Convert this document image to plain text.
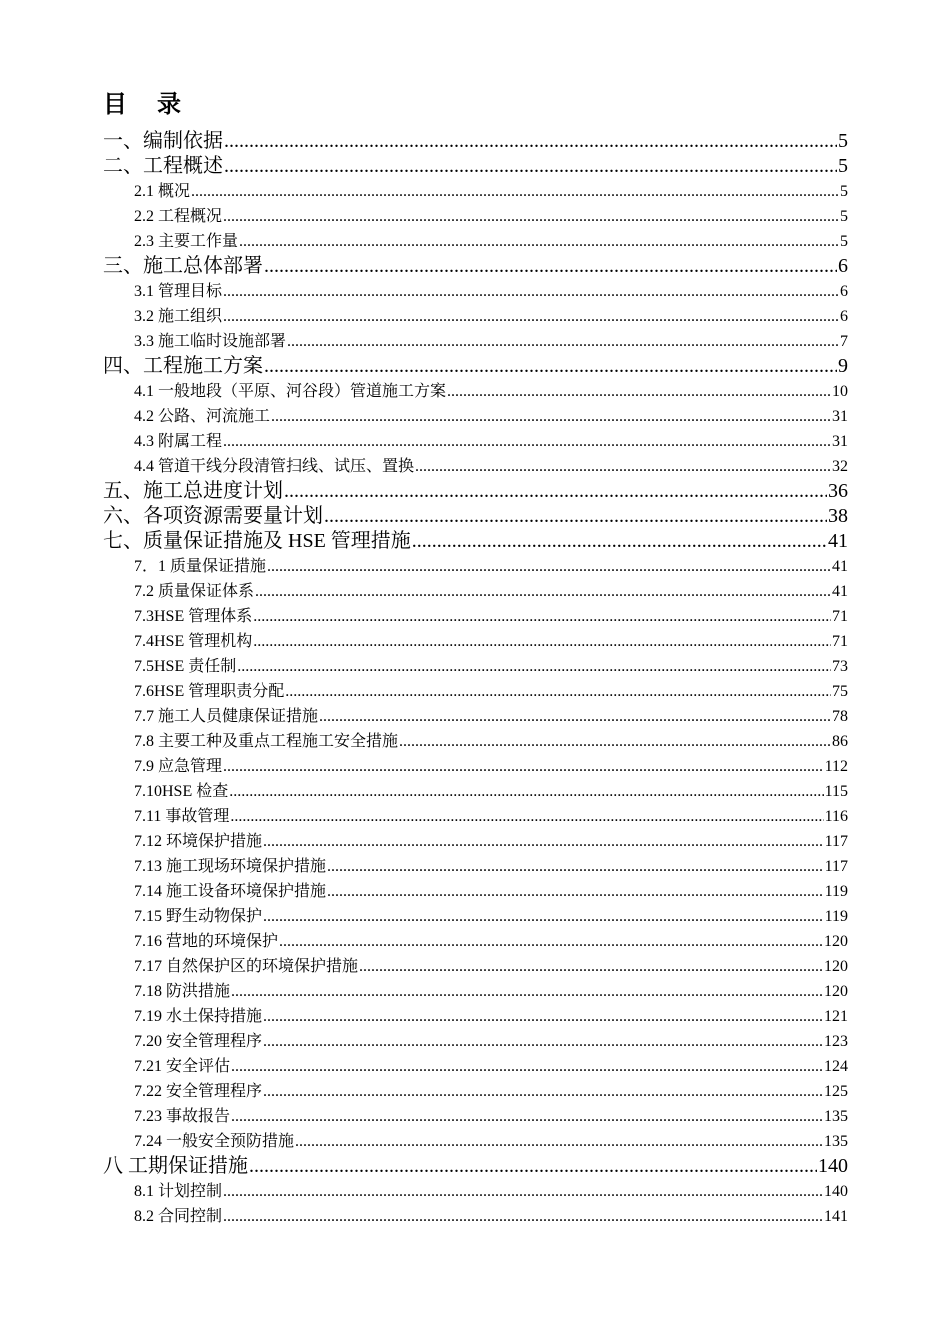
目 录
一、编制依据 .....	5
二、工程概述 .....	5
2.1 概况 .....	5
2.2 工程概况 .....	5
2.3 主要工作量 .....	5
三、施工总体部署 .....	6
3.1 管理目标 .....	6
3.2 施工组织 .....	6
3.3 施工临时设施部署 .....	7
四、工程施工方案 .....	9
4.1 一般地段（平原、河谷段）管道施工方案 .....	10
4.2 公路、河流施工 .....	31
4.3 附属工程 .....	31
4.4 管道干线分段清管扫线、试压、置换 .....	32
五、施工总进度计划 .....	36
六、各项资源需要量计划 .....	38
七、质量保证措施及 HSE 管理措施 .....	41
7．1 质量保证措施 .....	41
7.2 质量保证体系 .....	41
7.3HSE 管理体系 .....	71
7.4HSE 管理机构 .....	71
7.5HSE 责任制 .....	73
7.6HSE 管理职责分配 .....	75
7.7 施工人员健康保证措施 .....	78
7.8 主要工种及重点工程施工安全措施 .....	86
7.9 应急管理 .....	112
7.10HSE 检查 .....	115
7.11 事故管理 .....	116
7.12 环境保护措施 .....	117
7.13 施工现场环境保护措施 .....	117
7.14 施工设备环境保护措施 .....	119
7.15 野生动物保护 .....	119
7.16 营地的环境保护 .....	120
7.17 自然保护区的环境保护措施 .....	120
7.18 防洪措施 .....	120
7.19 水土保持措施 .....	121
7.20 安全管理程序 .....	123
7.21 安全评估 .....	124
7.22 安全管理程序 .....	125
7.23 事故报告 .....	135
7.24 一般安全预防措施 .....	135
八 工期保证措施 .....	140
8.1 计划控制 .....	140
8.2 合同控制 .....	141
